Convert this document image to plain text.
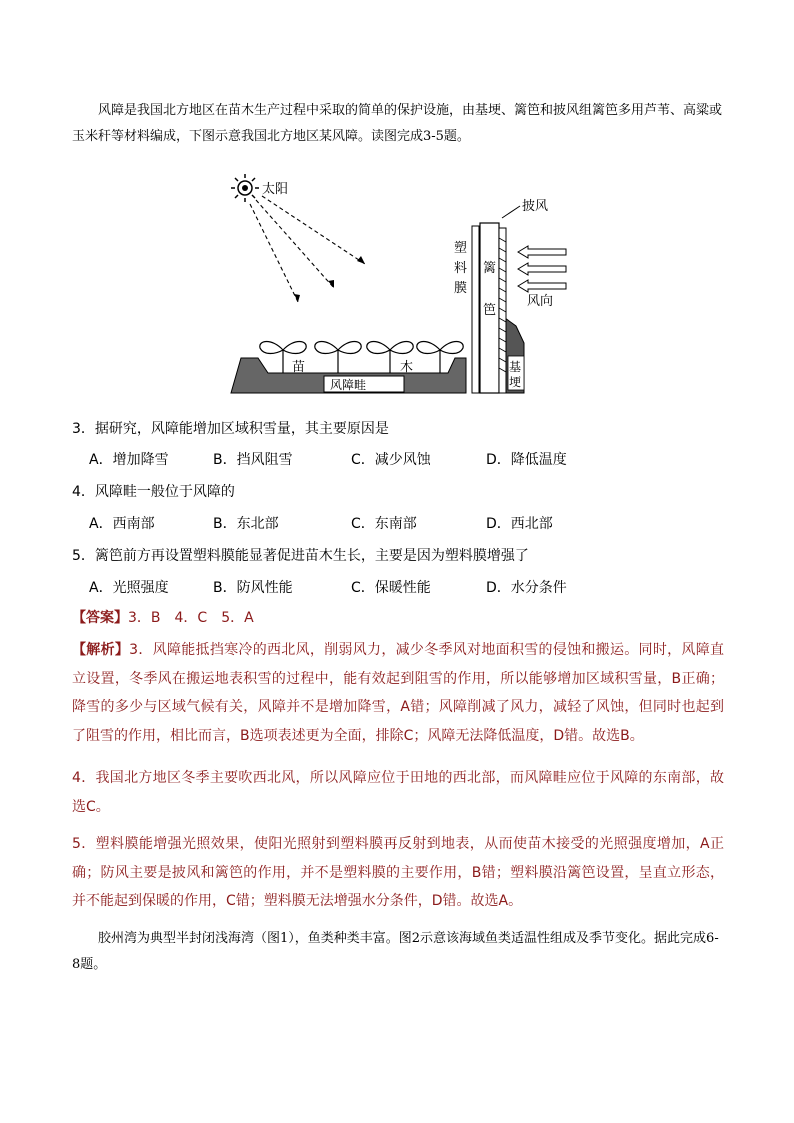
风障是我国北方地区在苗木生产过程中采取的简单的保护设施，由基埂、篱笆和披风组篱笆多用芦苇、高粱或玉米秆等材料编成，下图示意我国北方地区某风障。读图完成3-5题。

太阳
风障畦
苗	木	基
埂
篱
笆
塑
料
膜
披风
风向

3．据研究，风障能增加区域积雪量，其主要原因是

A．增加降雪	B．挡风阻雪	C．减少风蚀	D．降低温度

4．风障畦一般位于风障的

A．西南部	B．东北部	C．东南部	D．西北部

5．篱笆前方再设置塑料膜能显著促进苗木生长，主要是因为塑料膜增强了

A．光照强度	B．防风性能	C．保暖性能	D．水分条件

【答案】3．B　4．C　5．A

【解析】3．风障能抵挡寒冷的西北风，削弱风力，减少冬季风对地面积雪的侵蚀和搬运。同时，风障直立设置，冬季风在搬运地表积雪的过程中，能有效起到阻雪的作用，所以能够增加区域积雪量，B正确；降雪的多少与区域气候有关，风障并不是增加降雪，A错；风障削减了风力，减轻了风蚀，但同时也起到了阻雪的作用，相比而言，B选项表述更为全面，排除C；风障无法降低温度，D错。故选B。

4．我国北方地区冬季主要吹西北风，所以风障应位于田地的西北部，而风障畦应位于风障的东南部，故选C。

5．塑料膜能增强光照效果，使阳光照射到塑料膜再反射到地表，从而使苗木接受的光照强度增加，A正确；防风主要是披风和篱笆的作用，并不是塑料膜的主要作用，B错；塑料膜沿篱笆设置，呈直立形态，并不能起到保暖的作用，C错；塑料膜无法增强水分条件，D错。故选A。

胶州湾为典型半封闭浅海湾（图1），鱼类种类丰富。图2示意该海域鱼类适温性组成及季节变化。据此完成6-8题。
